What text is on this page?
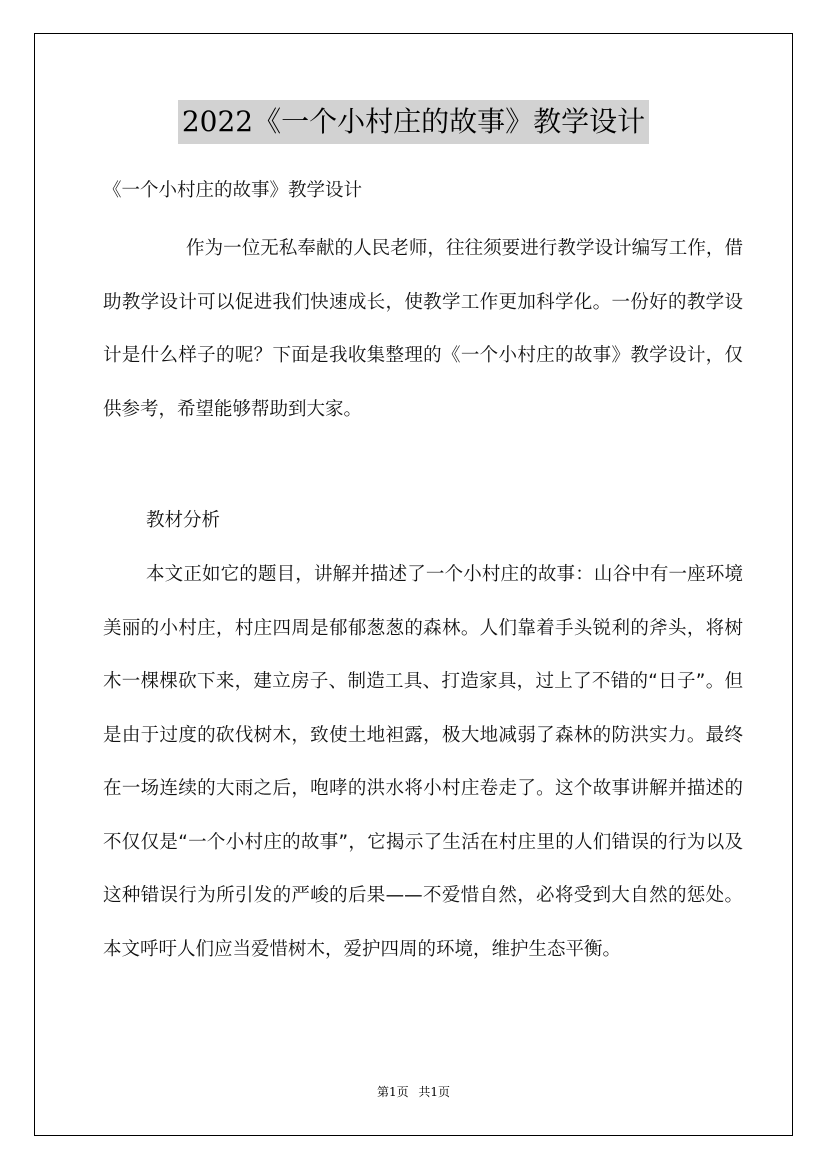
2022《一个小村庄的故事》教学设计

《一个小村庄的故事》教学设计

作为一位无私奉献的人民老师，往往须要进行教学设计编写工作，借助教学设计可以促进我们快速成长，使教学工作更加科学化。一份好的教学设计是什么样子的呢？下面是我收集整理的《一个小村庄的故事》教学设计，仅供参考，希望能够帮助到大家。

教材分析

本文正如它的题目，讲解并描述了一个小村庄的故事：山谷中有一座环境美丽的小村庄，村庄四周是郁郁葱葱的森林。人们靠着手头锐利的斧头，将树木一棵棵砍下来，建立房子、制造工具、打造家具，过上了不错的“日子”。但是由于过度的砍伐树木，致使土地袒露，极大地减弱了森林的防洪实力。最终在一场连续的大雨之后，咆哮的洪水将小村庄卷走了。这个故事讲解并描述的不仅仅是“一个小村庄的故事”，它揭示了生活在村庄里的人们错误的行为以及这种错误行为所引发的严峻的后果——不爱惜自然，必将受到大自然的惩处。本文呼吁人们应当爱惜树木，爱护四周的环境，维护生态平衡。

第1页 共1页
